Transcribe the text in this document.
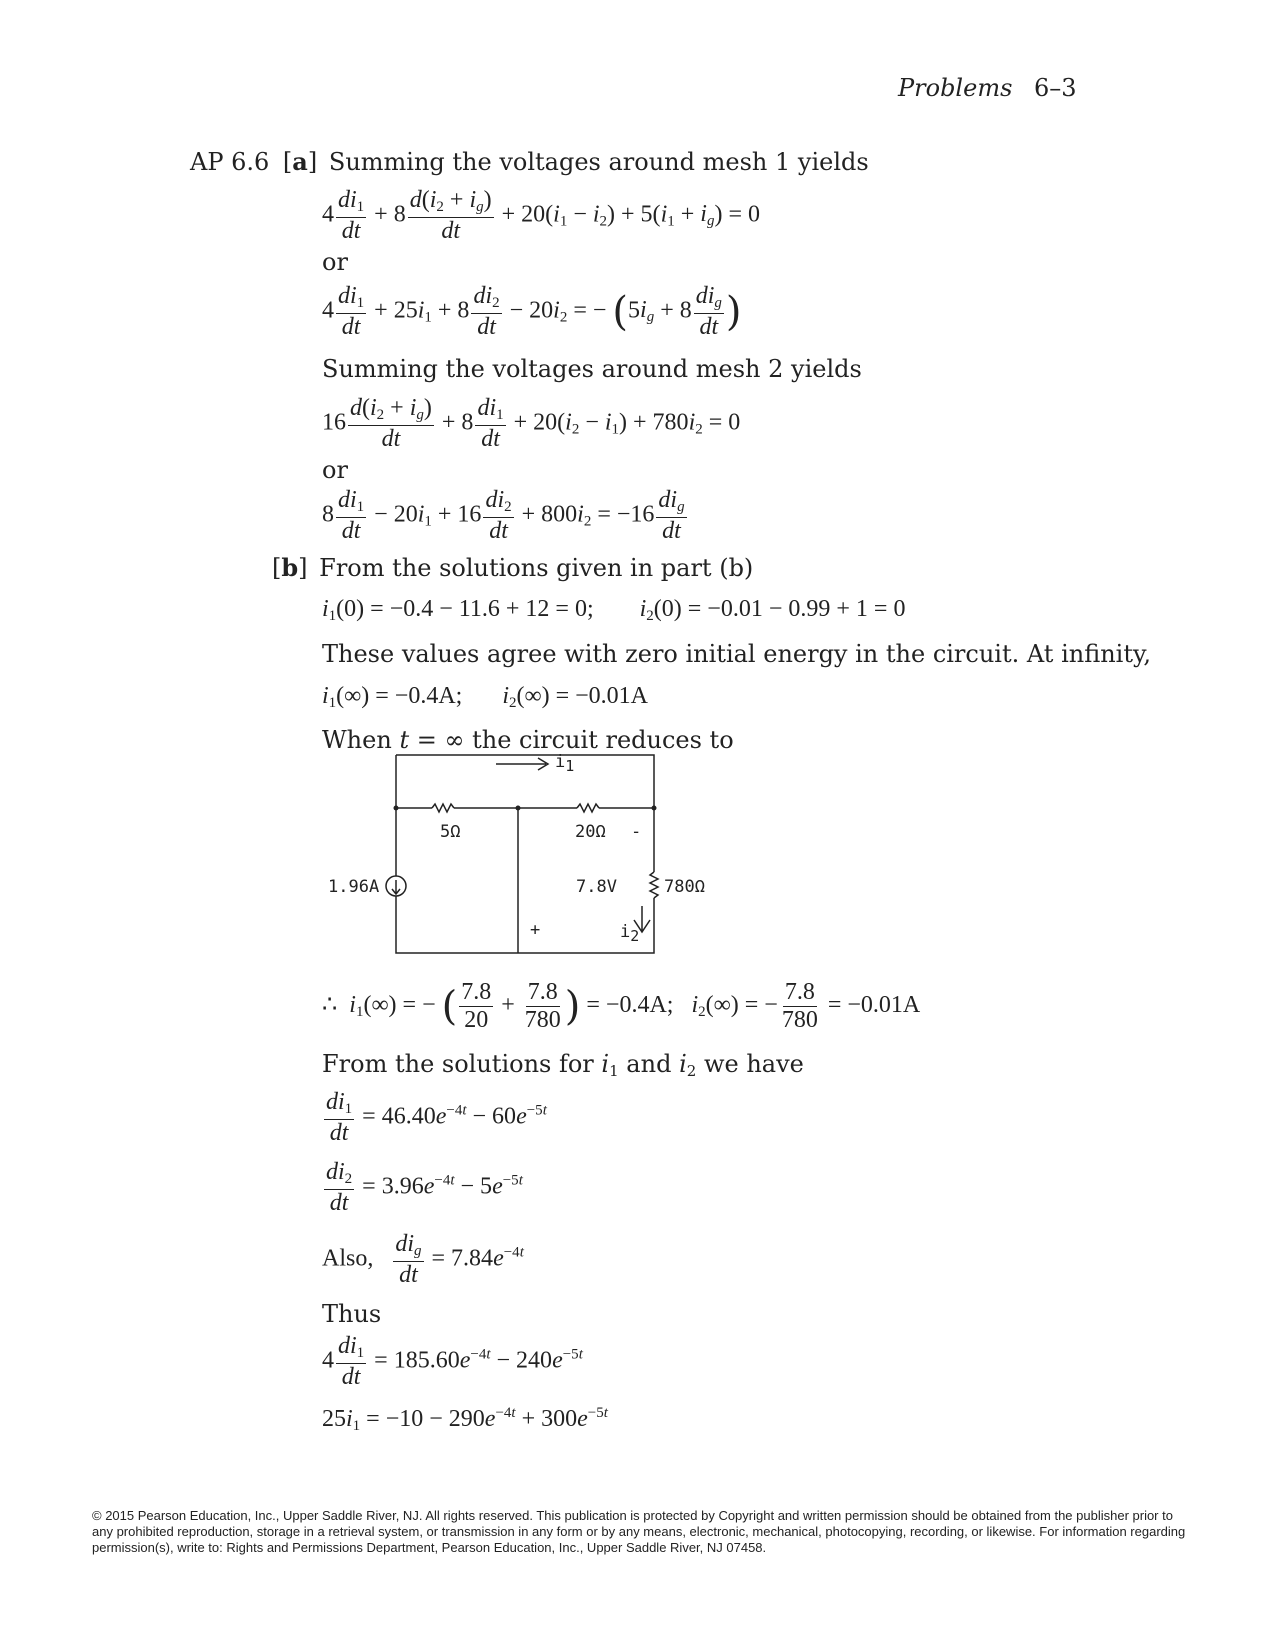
Problems 6–3
AP 6.6 [a] Summing the voltages around mesh 1 yields
$4 \frac{di_1}{dt} + 8 \frac{d(i_2 + i_g)}{dt} + 20(i_1 - i_2) + 5(i_1 + i_g) = 0$
or
$4 \frac{di_1}{dt} + 25i_1 + 8 \frac{di_2}{dt} - 20i_2$ = − ($5i_g + 8 \frac{di_g}{dt}$ )
Summing the voltages around mesh 2 yields
$16 \frac{d(i_2 + i_g)}{dt} + 8 \frac{di_1}{dt} + 20(i_2 - i_1) + 780i_2 = 0$
or
$8 \frac{di_1}{dt} - 20i_1 + 16 \frac{di_2}{dt} + 800i_2 = -16 \frac{di_g}{dt}$
[b] From the solutions given in part (b)
$i_1(0) = -0.4 - 11.6 + 12 = 0$; $i_2(0) = -0.01 - 0.99 + 1 = 0$
These values agree with zero initial energy in the circuit. At infinity,
$i_1(\infty) = -0.4A$; $i_2(\infty) = -0.01A$
When t = ∞ the circuit reduces to
1.96A
5Ω	20Ω -
7.8V	780Ω
+
$i_1$
$i_2$
∴  $i_1(\infty)$ = − ( $\frac{7.8}{20} + \frac{7.8}{780}$ ) = −0.4A;   $i_2(\infty)$ = − $\frac{7.8}{780} = -0.01A$
From the solutions for $i_1$ and $i_2$ we have
$\frac{di_1}{dt} = 46.40e^{-4t} - 60e^{-5t}$
$\frac{di_2}{dt} = 3.96e^{-4t} - 5e^{-5t}$
Also, $\frac{di_g}{dt} = 7.84e^{-4t}$
Thus
$4 \frac{di_1}{dt} = 185.60e^{-4t} - 240e^{-5t}$
$25i_1 = -10 - 290e^{-4t} + 300e^{-5t}$
© 2015 Pearson Education, Inc., Upper Saddle River, NJ. All rights reserved. This publication is protected by Copyright and written permission should be obtained from the publisher prior to any prohibited reproduction, storage in a retrieval system, or transmission in any form or by any means, electronic, mechanical, photocopying, recording, or likewise. For information regarding permission(s), write to: Rights and Permissions Department, Pearson Education, Inc., Upper Saddle River, NJ 07458.
